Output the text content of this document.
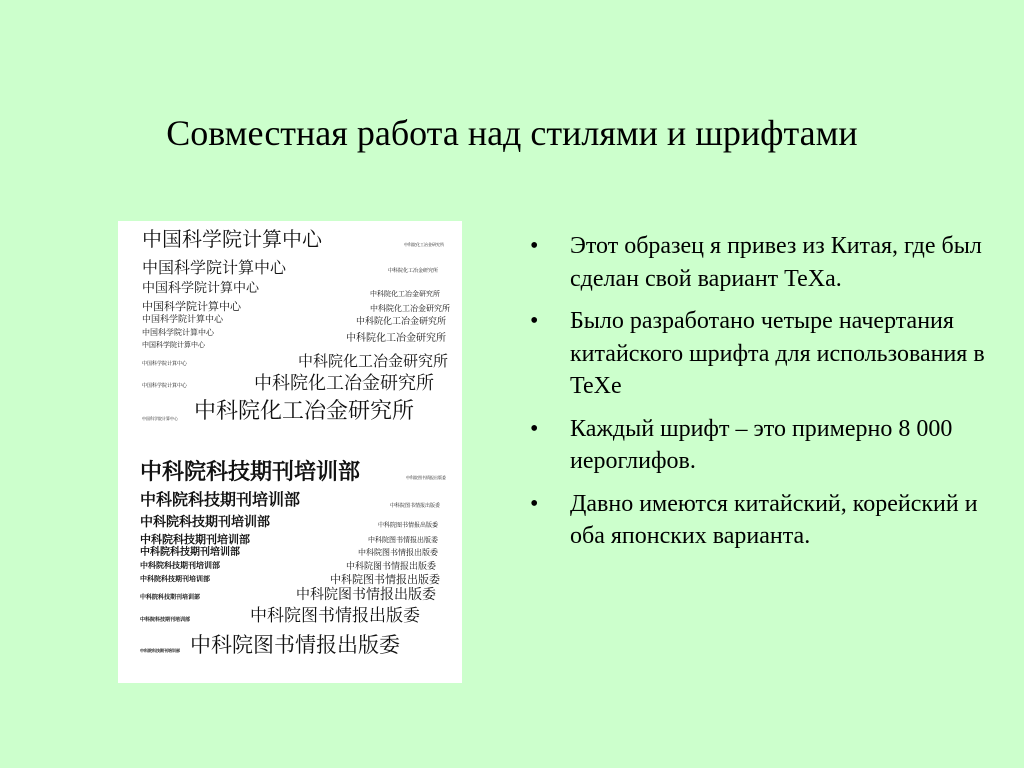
Совместная работа над стилями и шрифтами
中国科学院计算中心
中国科学院计算中心
中国科学院计算中心
中国科学院计算中心
中国科学院计算中心
中国科学院计算中心
中国科学院计算中心
中国科学院计算中心
中国科学院计算中心
中国科学院计算中心
中科院化工冶金研究所
中科院化工冶金研究所
中科院化工冶金研究所
中科院化工冶金研究所
中科院化工冶金研究所
中科院化工冶金研究所
中科院化工冶金研究所
中科院化工冶金研究所
中科院化工冶金研究所
中科院科技期刊培训部
中科院科技期刊培训部
中科院科技期刊培训部
中科院科技期刊培训部
中科院科技期刊培训部
中科院科技期刊培训部
中科院科技期刊培训部
中科院科技期刊培训部
中科院科技期刊培训部
中科院科技期刊培训部
中科院图书情报出版委
中科院图书情报出版委
中科院图书情报出版委
中科院图书情报出版委
中科院图书情报出版委
中科院图书情报出版委
中科院图书情报出版委
中科院图书情报出版委
中科院图书情报出版委
中科院图书情报出版委
• Этот образец я привез из Китая, где был сделан свой вариант TeXa.
• Было разработано четыре начертания китайского шрифта для использования в TeXe
• Каждый шрифт – это примерно 8 000 иероглифов.
• Давно имеются китайский, корейский и оба японских варианта.
